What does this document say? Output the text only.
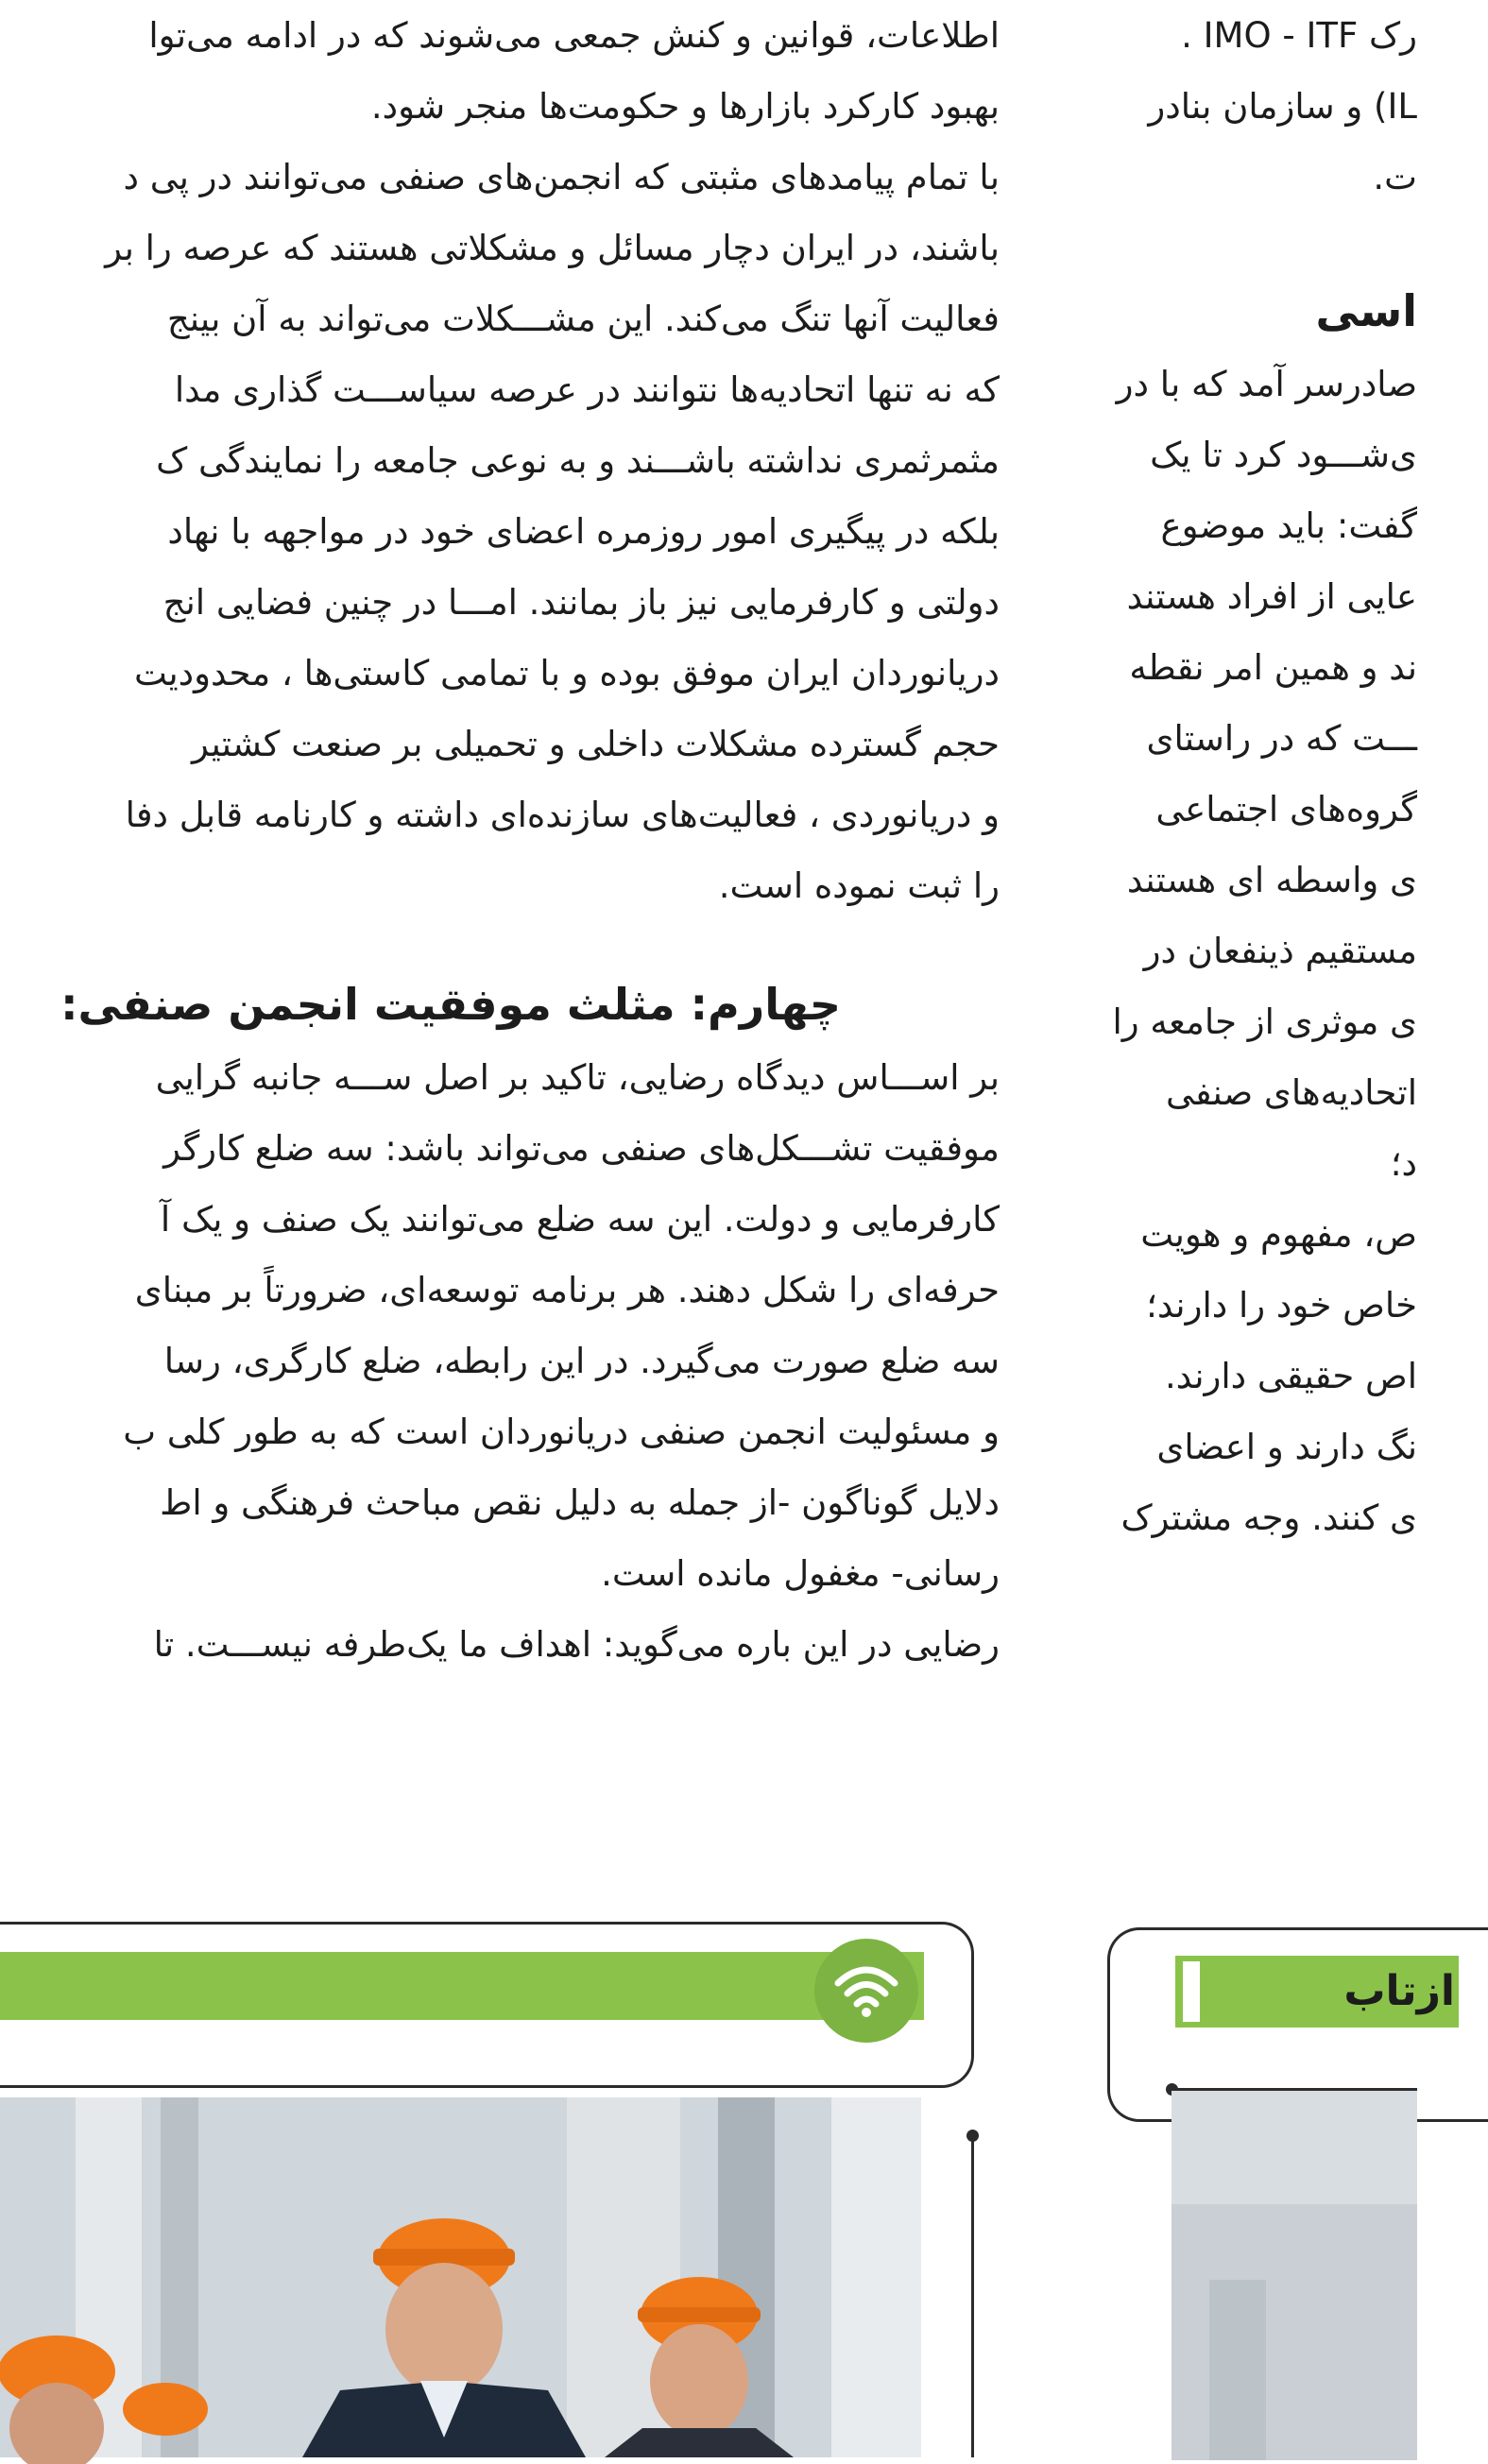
اطلاعات، قوانین و کنش جمعی می‌شوند که در ادامه می‌توا
بهبود کارکرد بازارها و حکومت‌ها منجر شود.
با تمام پیامدهای مثبتی که انجمن‌های صنفی می‌توانند در پی د
باشند، در ایران دچار مسائل و مشکلاتی هستند که عرصه را بر
فعالیت آنها تنگ می‌کند. این مشـــکلات می‌تواند به آن بینج
که نه تنها اتحادیه‌ها نتوانند در عرصه سیاســـت گذاری مدا
مثمرثمری نداشته باشـــند و به نوعی جامعه را نمایندگی ک
بلکه در پیگیری امور روزمره اعضای خود در مواجهه با نهاد
دولتی و کارفرمایی نیز باز بمانند. امـــا در چنین فضایی انج
دریانوردان ایران موفق بوده و با تمامی کاستی‌ها ، محدودیت
حجم گسترده مشکلات داخلی و تحمیلی بر صنعت کشتیر
و دریانوردی ، فعالیت‌های سازنده‌ای داشته و کارنامه قابل دفا
را ثبت نموده است.
چهارم: مثلث موفقیت انجمن صنفی:
بر اســـاس دیدگاه رضایی، تاکید بر اصل ســـه جانبه گرایی
موفقیت تشـــکل‌های صنفی می‌تواند باشد: سه ضلع کارگر
کارفرمایی و دولت. این سه ضلع می‌توانند یک صنف و یک آ
حرفه‌ای را شکل دهند. هر برنامه توسعه‌ای، ضرورتاً بر مبنای
سه ضلع صورت می‌گیرد. در این رابطه، ضلع کارگری، رسا
و مسئولیت انجمن صنفی دریانوردان است که به طور کلی ب
دلایل گوناگون -از جمله به دلیل نقص مباحث فرهنگی و اط
رسانی- مغفول مانده است.
رضایی در این باره می‌گوید: اهداف ما یک‌طرفه نیســـت. تا
رک IMO - ITF .
IL) و سازمان بنادر
ت.
اسی
صادرسر آمد که با در
ی‌شـــود کرد تا یک
گفت: باید موضوع
عایی از افراد هستند
ند و همین امر نقطه
ـــت که در راستای
گروه‌های اجتماعی
ی واسطه ای هستند
مستقیم ذینفعان در
ی موثری از جامعه را
اتحادیه‌های صنفی
د؛
ص، مفهوم و هویت
خاص خود را دارند؛
اص حقیقی دارند.
نگ دارند و اعضای
ی کنند. وجه مشترک
ازتاب
